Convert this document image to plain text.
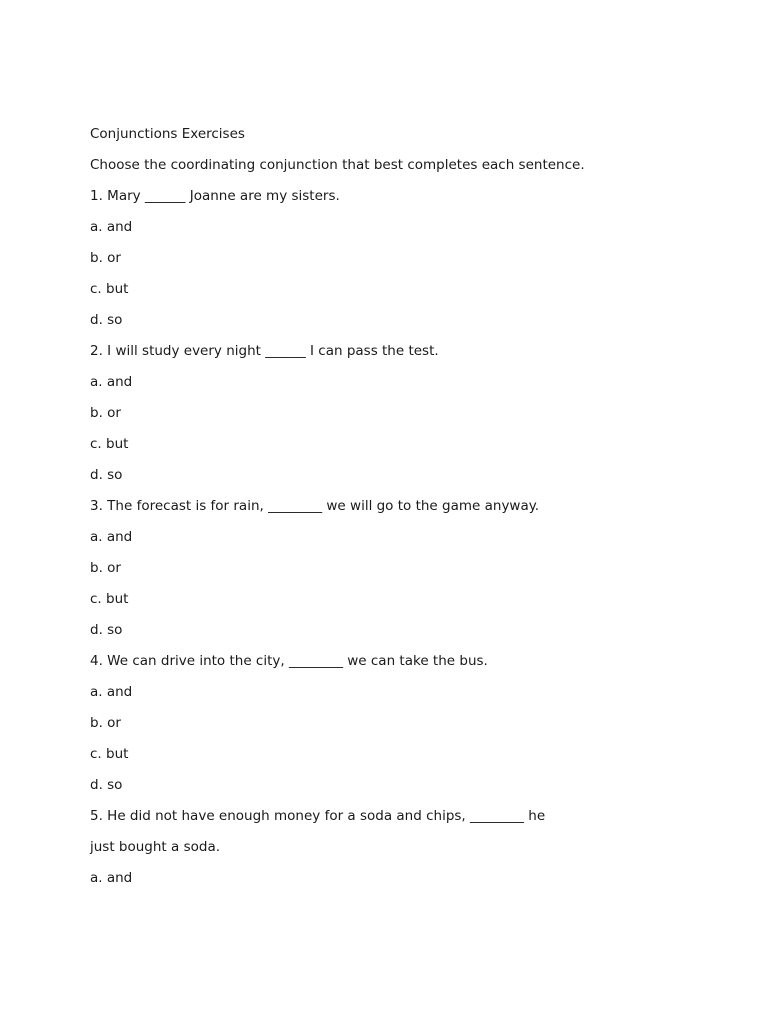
Conjunctions Exercises

Choose the coordinating conjunction that best completes each sentence.

1. Mary ______ Joanne are my sisters.

a. and

b. or

c. but

d. so

2. I will study every night ______ I can pass the test.

a. and

b. or

c. but

d. so

3. The forecast is for rain, ________ we will go to the game anyway.

a. and

b. or

c. but

d. so

4. We can drive into the city, ________ we can take the bus.

a. and

b. or

c. but

d. so

5. He did not have enough money for a soda and chips, ________ he

just bought a soda.

a. and
